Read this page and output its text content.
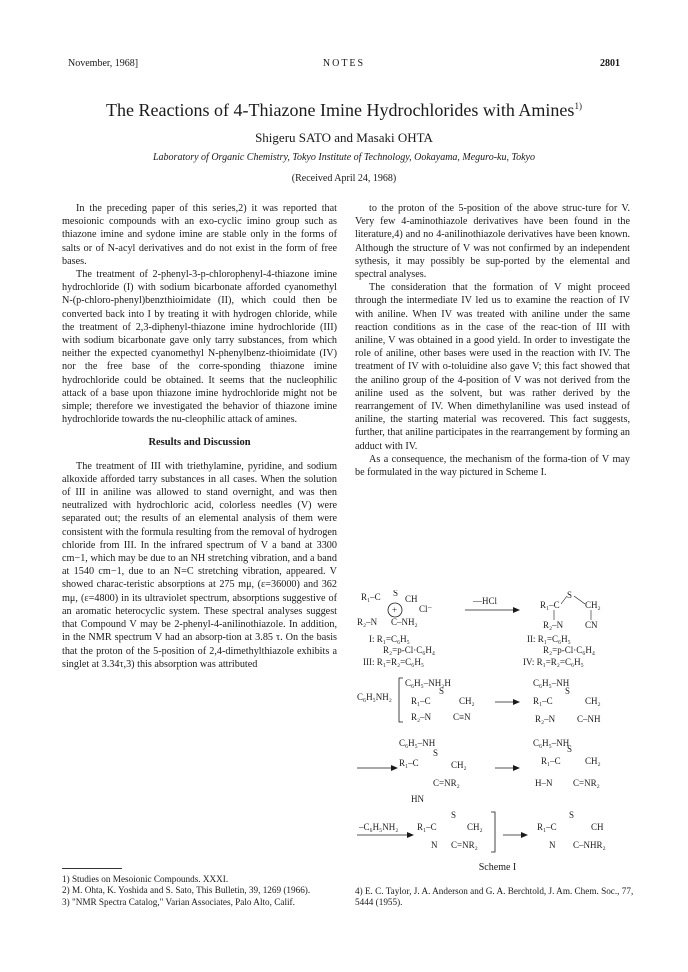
November, 1968]	NOTES	2801
The Reactions of 4-Thiazone Imine Hydrochlorides with Amines$^{1)}$
Shigeru SATO and Masaki OHTA
Laboratory of Organic Chemistry, Tokyo Institute of Technology, Ookayama, Meguro-ku, Tokyo
(Received April 24, 1968)

In the preceding paper of this series,2) it was reported that mesoionic compounds with an exo-cyclic imino group such as thiazone imine and sydone imine are stable only in the forms of salts or of N-acyl derivatives and do not exist in the form of free bases.

The treatment of 2-phenyl-3-p-chlorophenyl-4-thiazone imine hydrochloride (I) with sodium bicarbonate afforded cyanomethyl N-(p-chloro-phenyl)benzthioimidate (II), which could then be converted back into I by treating it with hydrogen chloride, while the treatment of 2,3-diphenyl-thiazone imine hydrochloride (III) with sodium bicarbonate gave only tarry substances, from which neither the expected cyanomethyl N-phenylbenz-thioimidate (IV) nor the free base of the corre-sponding thiazone imine hydrochloride could be obtained. It seems that the nucleophilic attack of a base upon thiazone imine hydrochloride might not be simple; therefore we investigated the behavior of thiazone imine hydrochloride towards the nu-cleophilic attack of amines.

Results and Discussion

The treatment of III with triethylamine, pyridine, and sodium alkoxide afforded tarry substances in all cases. When the solution of III in aniline was allowed to stand overnight, and was then neutralized with hydrochloric acid, colorless needles (V) were separated out; the results of an elemental analysis of them were consistent with the formula resulting from the removal of hydrogen chloride from III. In the infrared spectrum of V a band at 3300 cm−1, which may be due to an NH stretching vibration, and a band at 1540 cm−1, due to an N=C stretching vibration, appeared. V showed charac-teristic absorptions at 275 mμ, (ε=36000) and 362 mμ, (ε=4800) in its ultraviolet spectrum, absorptions suggestive of an aromatic heterocyclic system. These spectral analyses suggest that Compound V may be 2-phenyl-4-anilinothiazole. In addition, in the NMR spectrum V had an absorp-tion at 3.85 τ. On the basis that the proton of the 5-position of 2,4-dimethylthiazole exhibits a singlet at 3.34τ,3) this absorption was attributed

to the proton of the 5-position of the above struc-ture for V. Very few 4-aminothiazole derivatives have been found in the literature,4) and no 4-anilinothiazole derivatives have been known. Although the structure of V was not confirmed by an independent sythesis, it may possibly be sup-ported by the elemental and spectral analyses.

The consideration that the formation of V might proceed through the intermediate IV led us to examine the reaction of IV with aniline. When IV was treated with aniline under the same reaction conditions as in the case of the reac-tion of III with aniline, V was obtained in a good yield. In order to investigate the role of aniline, other bases were used in the reaction with IV. The treatment of IV with o-toluidine also gave V; this fact showed that the anilino group of the 4-position of V was not derived from the aniline used as the solvent, but was rather derived by the rearrangement of IV. When dimethylaniline was used instead of aniline, the starting material was recovered. This fact suggests, further, that aniline participates in the rearrangement by forming an adduct with IV.

As a consequence, the mechanism of the forma-tion of V may be formulated in the way pictured in Scheme I.

R₁–C S
CH
+ Cl⁻
R₂–N C–NH₂
—HCl	R₁–C
S
CH₂
R₂–N CN
I: R₁=C₆H₅
R₂=p-Cl·C₆H₄
II: R₁=C₆H₅
R₂=p-Cl·C₆H₄
III: R₁=R₂=C₆H₅	IV: R₁=R₂=C₆H₅
C₆H₅NH₂
C₆H₅–NH₂H
R₁–C
S
CH₂
R₂–N C≡N
C₆H₅–NH
R₁–C
S
CH₂
R₂–N C–NH
C₆H₅–NH
R₁–C
S
CH₂
C=NR₂
HN
C₆H₅–NH
S
R₁–C	CH₂
H–N C=NR₂
–C₆H₅NH₂ R₁–C
S
CH₂
N C=NR₂
R₁–C
S
CH
N C–NHR₂
Scheme I
1) Studies on Mesoionic Compounds. XXXI.
2) M. Ohta, K. Yoshida and S. Sato, This Bulletin, 39, 1269 (1966).
3) "NMR Spectra Catalog," Varian Associates, Palo Alto, Calif.
4) E. C. Taylor, J. A. Anderson and G. A. Berchtold, J. Am. Chem. Soc., 77, 5444 (1955).
